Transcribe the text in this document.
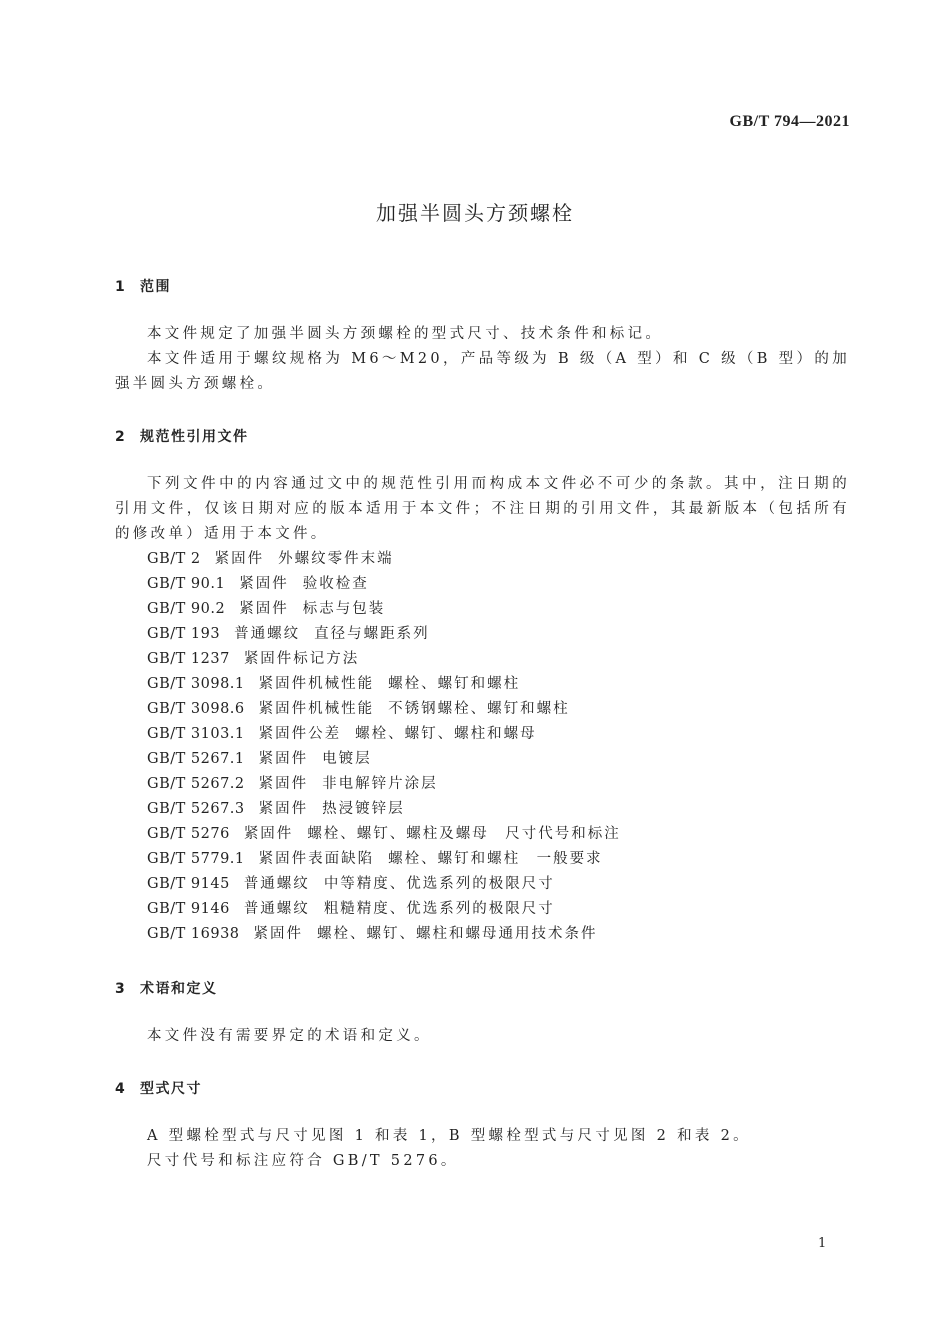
GB/T 794—2021
加强半圆头方颈螺栓
1 范围
本文件规定了加强半圆头方颈螺栓的型式尺寸、技术条件和标记。
本文件适用于螺纹规格为 M6～M20，产品等级为 B 级（A 型）和 C 级（B 型）的加强半圆头方颈螺栓。
2 规范性引用文件
下列文件中的内容通过文中的规范性引用而构成本文件必不可少的条款。其中，注日期的引用文件，仅该日期对应的版本适用于本文件；不注日期的引用文件，其最新版本（包括所有的修改单）适用于本文件。
GB/T 2 紧固件 外螺纹零件末端
GB/T 90.1 紧固件 验收检查
GB/T 90.2 紧固件 标志与包装
GB/T 193 普通螺纹 直径与螺距系列
GB/T 1237 紧固件标记方法
GB/T 3098.1 紧固件机械性能 螺栓、螺钉和螺柱
GB/T 3098.6 紧固件机械性能 不锈钢螺栓、螺钉和螺柱
GB/T 3103.1 紧固件公差 螺栓、螺钉、螺柱和螺母
GB/T 5267.1 紧固件 电镀层
GB/T 5267.2 紧固件 非电解锌片涂层
GB/T 5267.3 紧固件 热浸镀锌层
GB/T 5276 紧固件 螺栓、螺钉、螺柱及螺母　尺寸代号和标注
GB/T 5779.1 紧固件表面缺陷 螺栓、螺钉和螺柱　一般要求
GB/T 9145 普通螺纹 中等精度、优选系列的极限尺寸
GB/T 9146 普通螺纹 粗糙精度、优选系列的极限尺寸
GB/T 16938 紧固件 螺栓、螺钉、螺柱和螺母通用技术条件
3 术语和定义
本文件没有需要界定的术语和定义。
4 型式尺寸
A 型螺栓型式与尺寸见图 1 和表 1，B 型螺栓型式与尺寸见图 2 和表 2。
尺寸代号和标注应符合 GB/T 5276。
1
